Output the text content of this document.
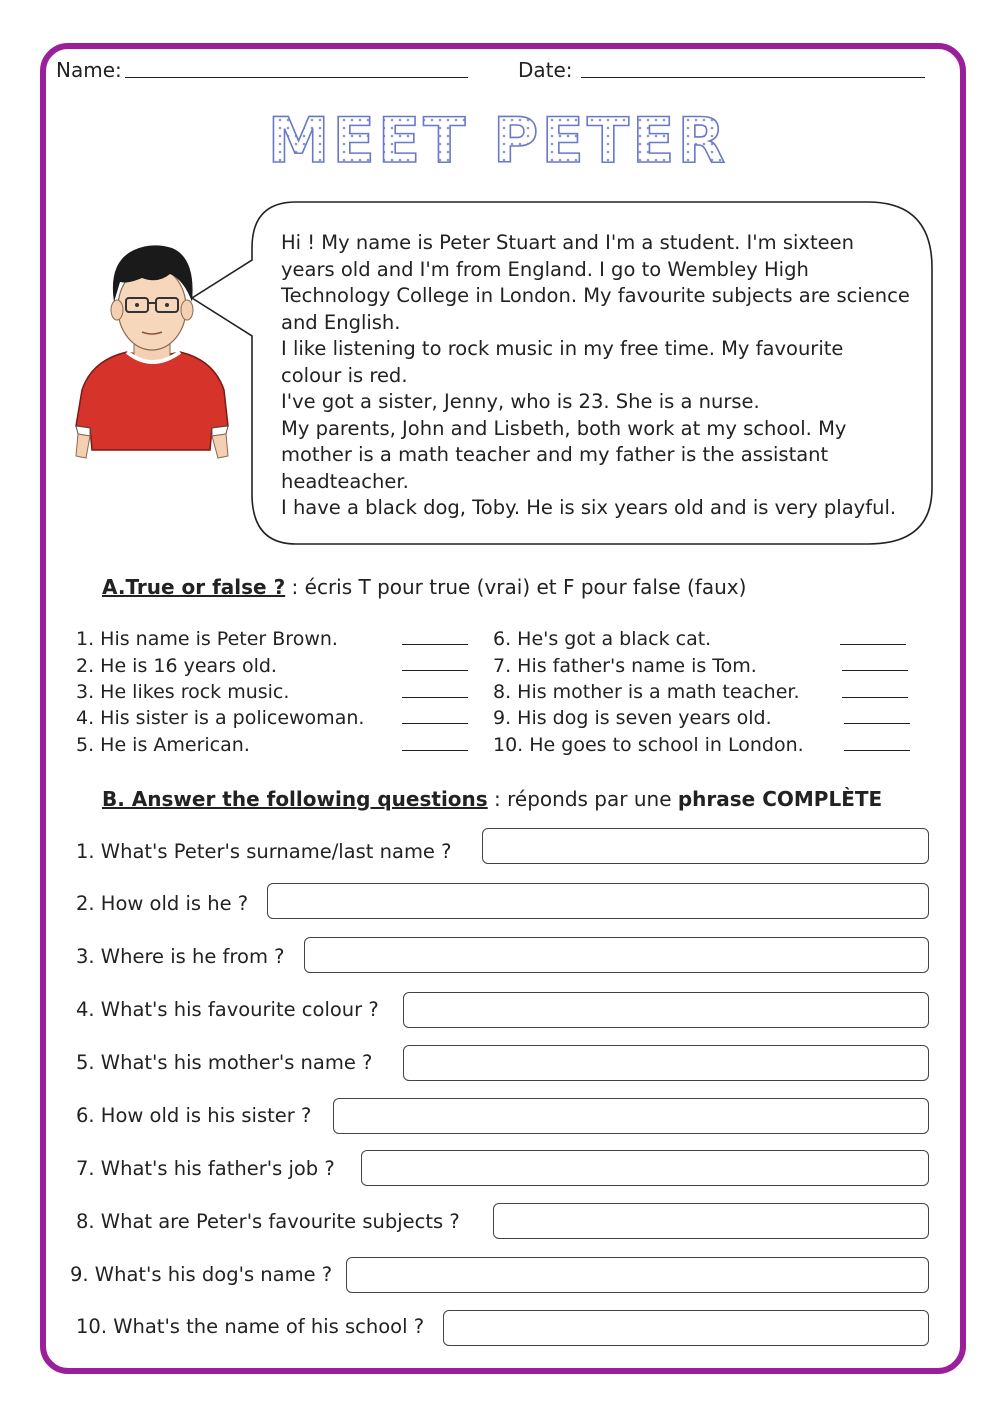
Name:	Date:
MEET PETER

Hi ! My name is Peter Stuart and I'm a student. I'm sixteen

years old and I'm from England. I go to Wembley High

Technology College in London. My favourite subjects are science

and English.

I like listening to rock music in my free time. My favourite

colour is red.

I've got a sister, Jenny, who is 23. She is a nurse.

My parents, John and Lisbeth, both work at my school. My

mother is a math teacher and my father is the assistant

headteacher.

I have a black dog, Toby. He is six years old and is very playful.

A.True or false ? : écris T pour true (vrai) et F pour false (faux)
1. His name is Peter Brown.
2. He is 16 years old.
3. He likes rock music.
4. His sister is a policewoman.
5. He is American.
6. He's got a black cat.
7. His father's name is Tom.
8. His mother is a math teacher.
9. His dog is seven years old.
10. He goes to school in London.
B. Answer the following questions : réponds par une phrase COMPLÈTE
1. What's Peter's surname/last name ?
2. How old is he ?
3. Where is he from ?
4. What's his favourite colour ?
5. What's his mother's name ?
6. How old is his sister ?
7. What's his father's job ?
8. What are Peter's favourite subjects ?
9. What's his dog's name ?
10. What's the name of his school ?
